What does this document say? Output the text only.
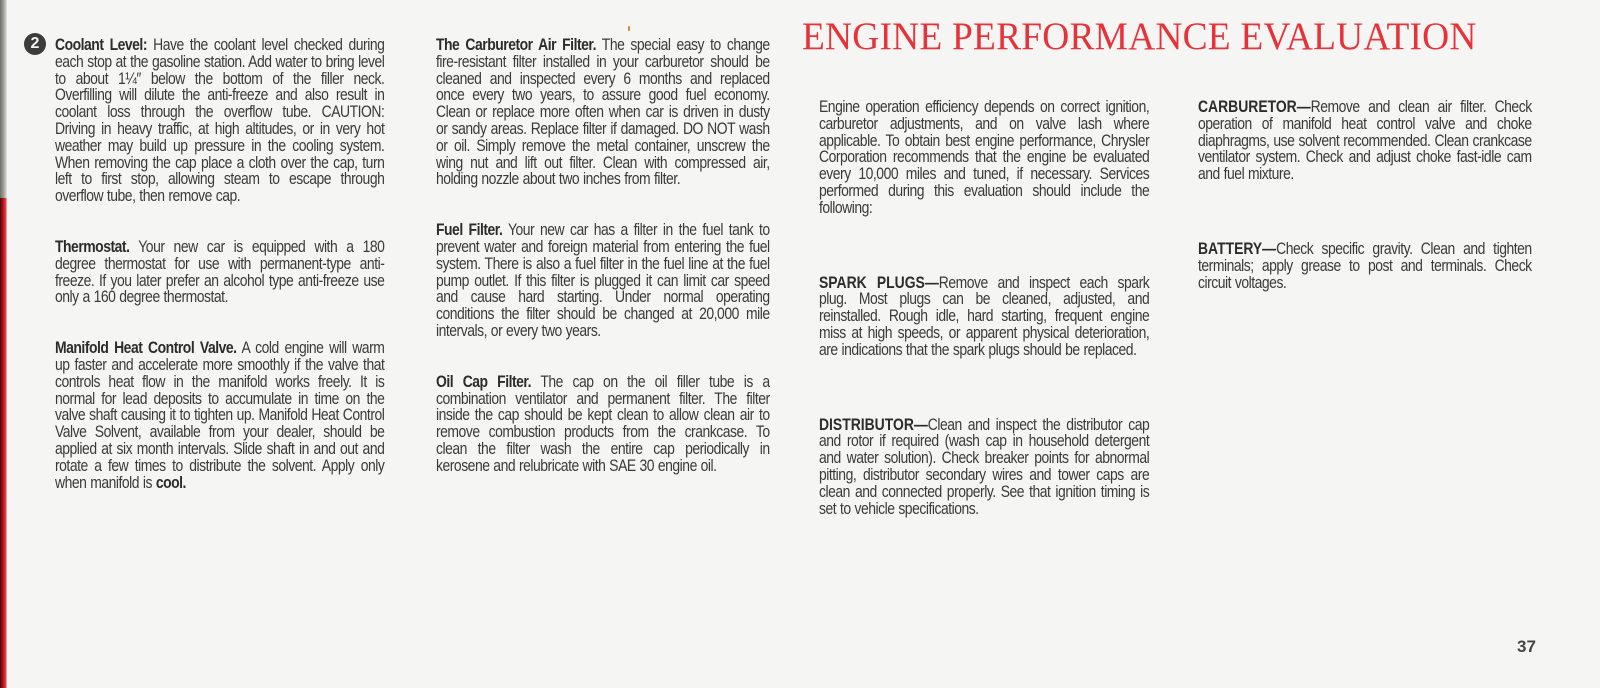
2 Coolant Level: Have the coolant level checked during each stop at the gasoline station. Add water to bring level to about 1¼″ below the bottom of the filler neck. Overfilling will dilute the anti-freeze and also result in coolant loss through the overflow tube. CAUTION: Driving in heavy traffic, at high altitudes, or in very hot weather may build up pressure in the cooling system. When removing the cap place a cloth over the cap, turn left to first stop, allowing steam to escape through overflow tube, then remove cap.

Thermostat. Your new car is equipped with a 180 degree thermostat for use with permanent-type anti-freeze. If you later prefer an alcohol type anti-freeze use only a 160 degree thermostat.

Manifold Heat Control Valve. A cold engine will warm up faster and accelerate more smoothly if the valve that controls heat flow in the manifold works freely. It is normal for lead deposits to accumulate in time on the valve shaft causing it to tighten up. Manifold Heat Control Valve Solvent, available from your dealer, should be applied at six month intervals. Slide shaft in and out and rotate a few times to distribute the solvent. Apply only when manifold is cool.

The Carburetor Air Filter. The special easy to change fire-resistant filter installed in your carburetor should be cleaned and inspected every 6 months and replaced once every two years, to assure good fuel economy. Clean or replace more often when car is driven in dusty or sandy areas. Replace filter if damaged. DO NOT wash or oil. Simply remove the metal container, unscrew the wing nut and lift out filter. Clean with compressed air, holding nozzle about two inches from filter.

Fuel Filter. Your new car has a filter in the fuel tank to prevent water and foreign material from entering the fuel system. There is also a fuel filter in the fuel line at the fuel pump outlet. If this filter is plugged it can limit car speed and cause hard starting. Under normal operating conditions the filter should be changed at 20,000 mile intervals, or every two years.

Oil Cap Filter. The cap on the oil filler tube is a combination ventilator and permanent filter. The filter inside the cap should be kept clean to allow clean air to remove combustion products from the crankcase. To clean the filter wash the entire cap periodically in kerosene and relubricate with SAE 30 engine oil.

ENGINE PERFORMANCE EVALUATION

Engine operation efficiency depends on correct ignition, carburetor adjustments, and on valve lash where applicable. To obtain best engine performance, Chrysler Corporation recommends that the engine be evaluated every 10,000 miles and tuned, if necessary. Services performed during this evaluation should include the following:

SPARK PLUGS—Remove and inspect each spark plug. Most plugs can be cleaned, adjusted, and reinstalled. Rough idle, hard starting, frequent engine miss at high speeds, or apparent physical deterioration, are indications that the spark plugs should be replaced.

DISTRIBUTOR—Clean and inspect the distributor cap and rotor if required (wash cap in household detergent and water solution). Check breaker points for abnormal pitting, distributor secondary wires and tower caps are clean and connected properly. See that ignition timing is set to vehicle specifications.

CARBURETOR—Remove and clean air filter. Check operation of manifold heat control valve and choke diaphragms, use solvent recommended. Clean crankcase ventilator system. Check and adjust choke fast-idle cam and fuel mixture.

BATTERY—Check specific gravity. Clean and tighten terminals; apply grease to post and terminals. Check circuit voltages.

37
